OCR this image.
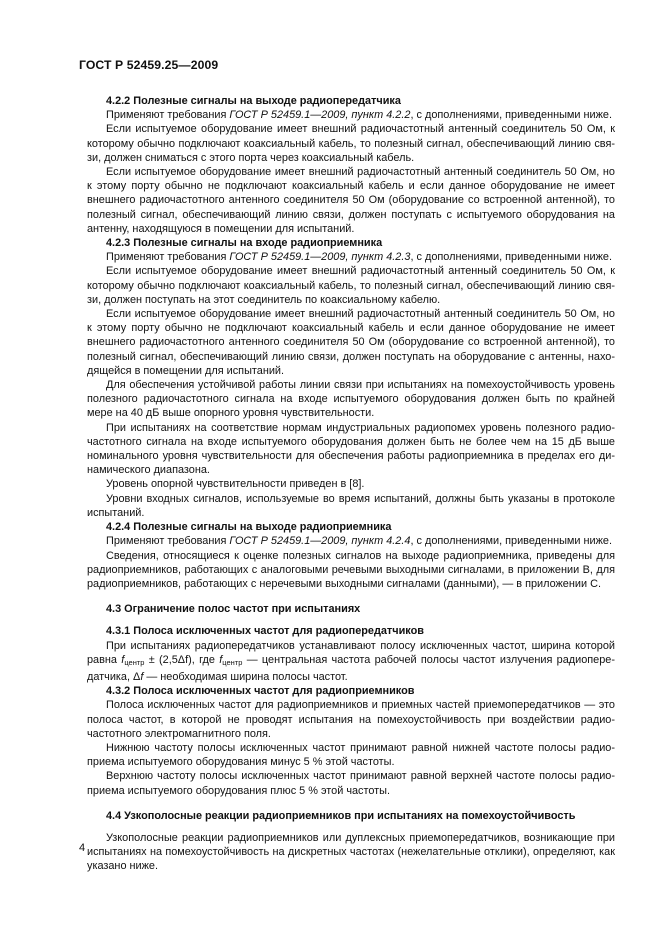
ГОСТ Р 52459.25—2009

4.2.2 Полезные сигналы на выходе радиопередатчика

Применяют требования ГОСТ Р 52459.1—2009, пункт 4.2.2, с дополнениями, приведенными ниже.

Если испытуемое оборудование имеет внешний радиочастотный антенный соединитель 50 Ом, к которому обычно подключают коаксиальный кабель, то полезный сигнал, обеспечивающий линию связи, должен сниматься с этого порта через коаксиальный кабель.

Если испытуемое оборудование имеет внешний радиочастотный антенный соединитель 50 Ом, но к этому порту обычно не подключают коаксиальный кабель и если данное оборудование не имеет внешнего радиочастотного антенного соединителя 50 Ом (оборудование со встроенной антенной), то полезный сигнал, обеспечивающий линию связи, должен поступать с испытуемого оборудования на антенну, находящуюся в помещении для испытаний.

4.2.3 Полезные сигналы на входе радиоприемника

Применяют требования ГОСТ Р 52459.1—2009, пункт 4.2.3, с дополнениями, приведенными ниже.

Если испытуемое оборудование имеет внешний радиочастотный антенный соединитель 50 Ом, к которому обычно подключают коаксиальный кабель, то полезный сигнал, обеспечивающий линию связи, должен поступать на этот соединитель по коаксиальному кабелю.

Если испытуемое оборудование имеет внешний радиочастотный антенный соединитель 50 Ом, но к этому порту обычно не подключают коаксиальный кабель и если данное оборудование не имеет внешнего радиочастотного антенного соединителя 50 Ом (оборудование со встроенной антенной), то полезный сигнал, обеспечивающий линию связи, должен поступать на оборудование с антенны, находящейся в помещении для испытаний.

Для обеспечения устойчивой работы линии связи при испытаниях на помехоустойчивость уровень полезного радиочастотного сигнала на входе испытуемого оборудования должен быть по крайней мере на 40 дБ выше опорного уровня чувствительности.

При испытаниях на соответствие нормам индустриальных радиопомех уровень полезного радиочастотного сигнала на входе испытуемого оборудования должен быть не более чем на 15 дБ выше номинального уровня чувствительности для обеспечения работы радиоприемника в пределах его динамического диапазона.

Уровень опорной чувствительности приведен в [8].

Уровни входных сигналов, используемые во время испытаний, должны быть указаны в протоколе испытаний.

4.2.4 Полезные сигналы на выходе радиоприемника

Применяют требования ГОСТ Р 52459.1—2009, пункт 4.2.4, с дополнениями, приведенными ниже.

Сведения, относящиеся к оценке полезных сигналов на выходе радиоприемника, приведены для радиоприемников, работающих с аналоговыми речевыми выходными сигналами, в приложении В, для радиоприемников, работающих с неречевыми выходными сигналами (данными), — в приложении С.

4.3 Ограничение полос частот при испытаниях

4.3.1 Полоса исключенных частот для радиопередатчиков

При испытаниях радиопередатчиков устанавливают полосу исключенных частот, ширина которой равна fцентр ± (2,5Δf), где fцентр — центральная частота рабочей полосы частот излучения радиопередатчика, Δf — необходимая ширина полосы частот.

4.3.2 Полоса исключенных частот для радиоприемников

Полоса исключенных частот для радиоприемников и приемных частей приемопередатчиков — это полоса частот, в которой не проводят испытания на помехоустойчивость при воздействии радиочастотного электромагнитного поля.

Нижнюю частоту полосы исключенных частот принимают равной нижней частоте полосы радиоприема испытуемого оборудования минус 5 % этой частоты.

Верхнюю частоту полосы исключенных частот принимают равной верхней частоте полосы радиоприема испытуемого оборудования плюс 5 % этой частоты.

4.4 Узкополосные реакции радиоприемников при испытаниях на помехоустойчивость

Узкополосные реакции радиоприемников или дуплексных приемопередатчиков, возникающие при испытаниях на помехоустойчивость на дискретных частотах (нежелательные отклики), определяют, как указано ниже.

4
